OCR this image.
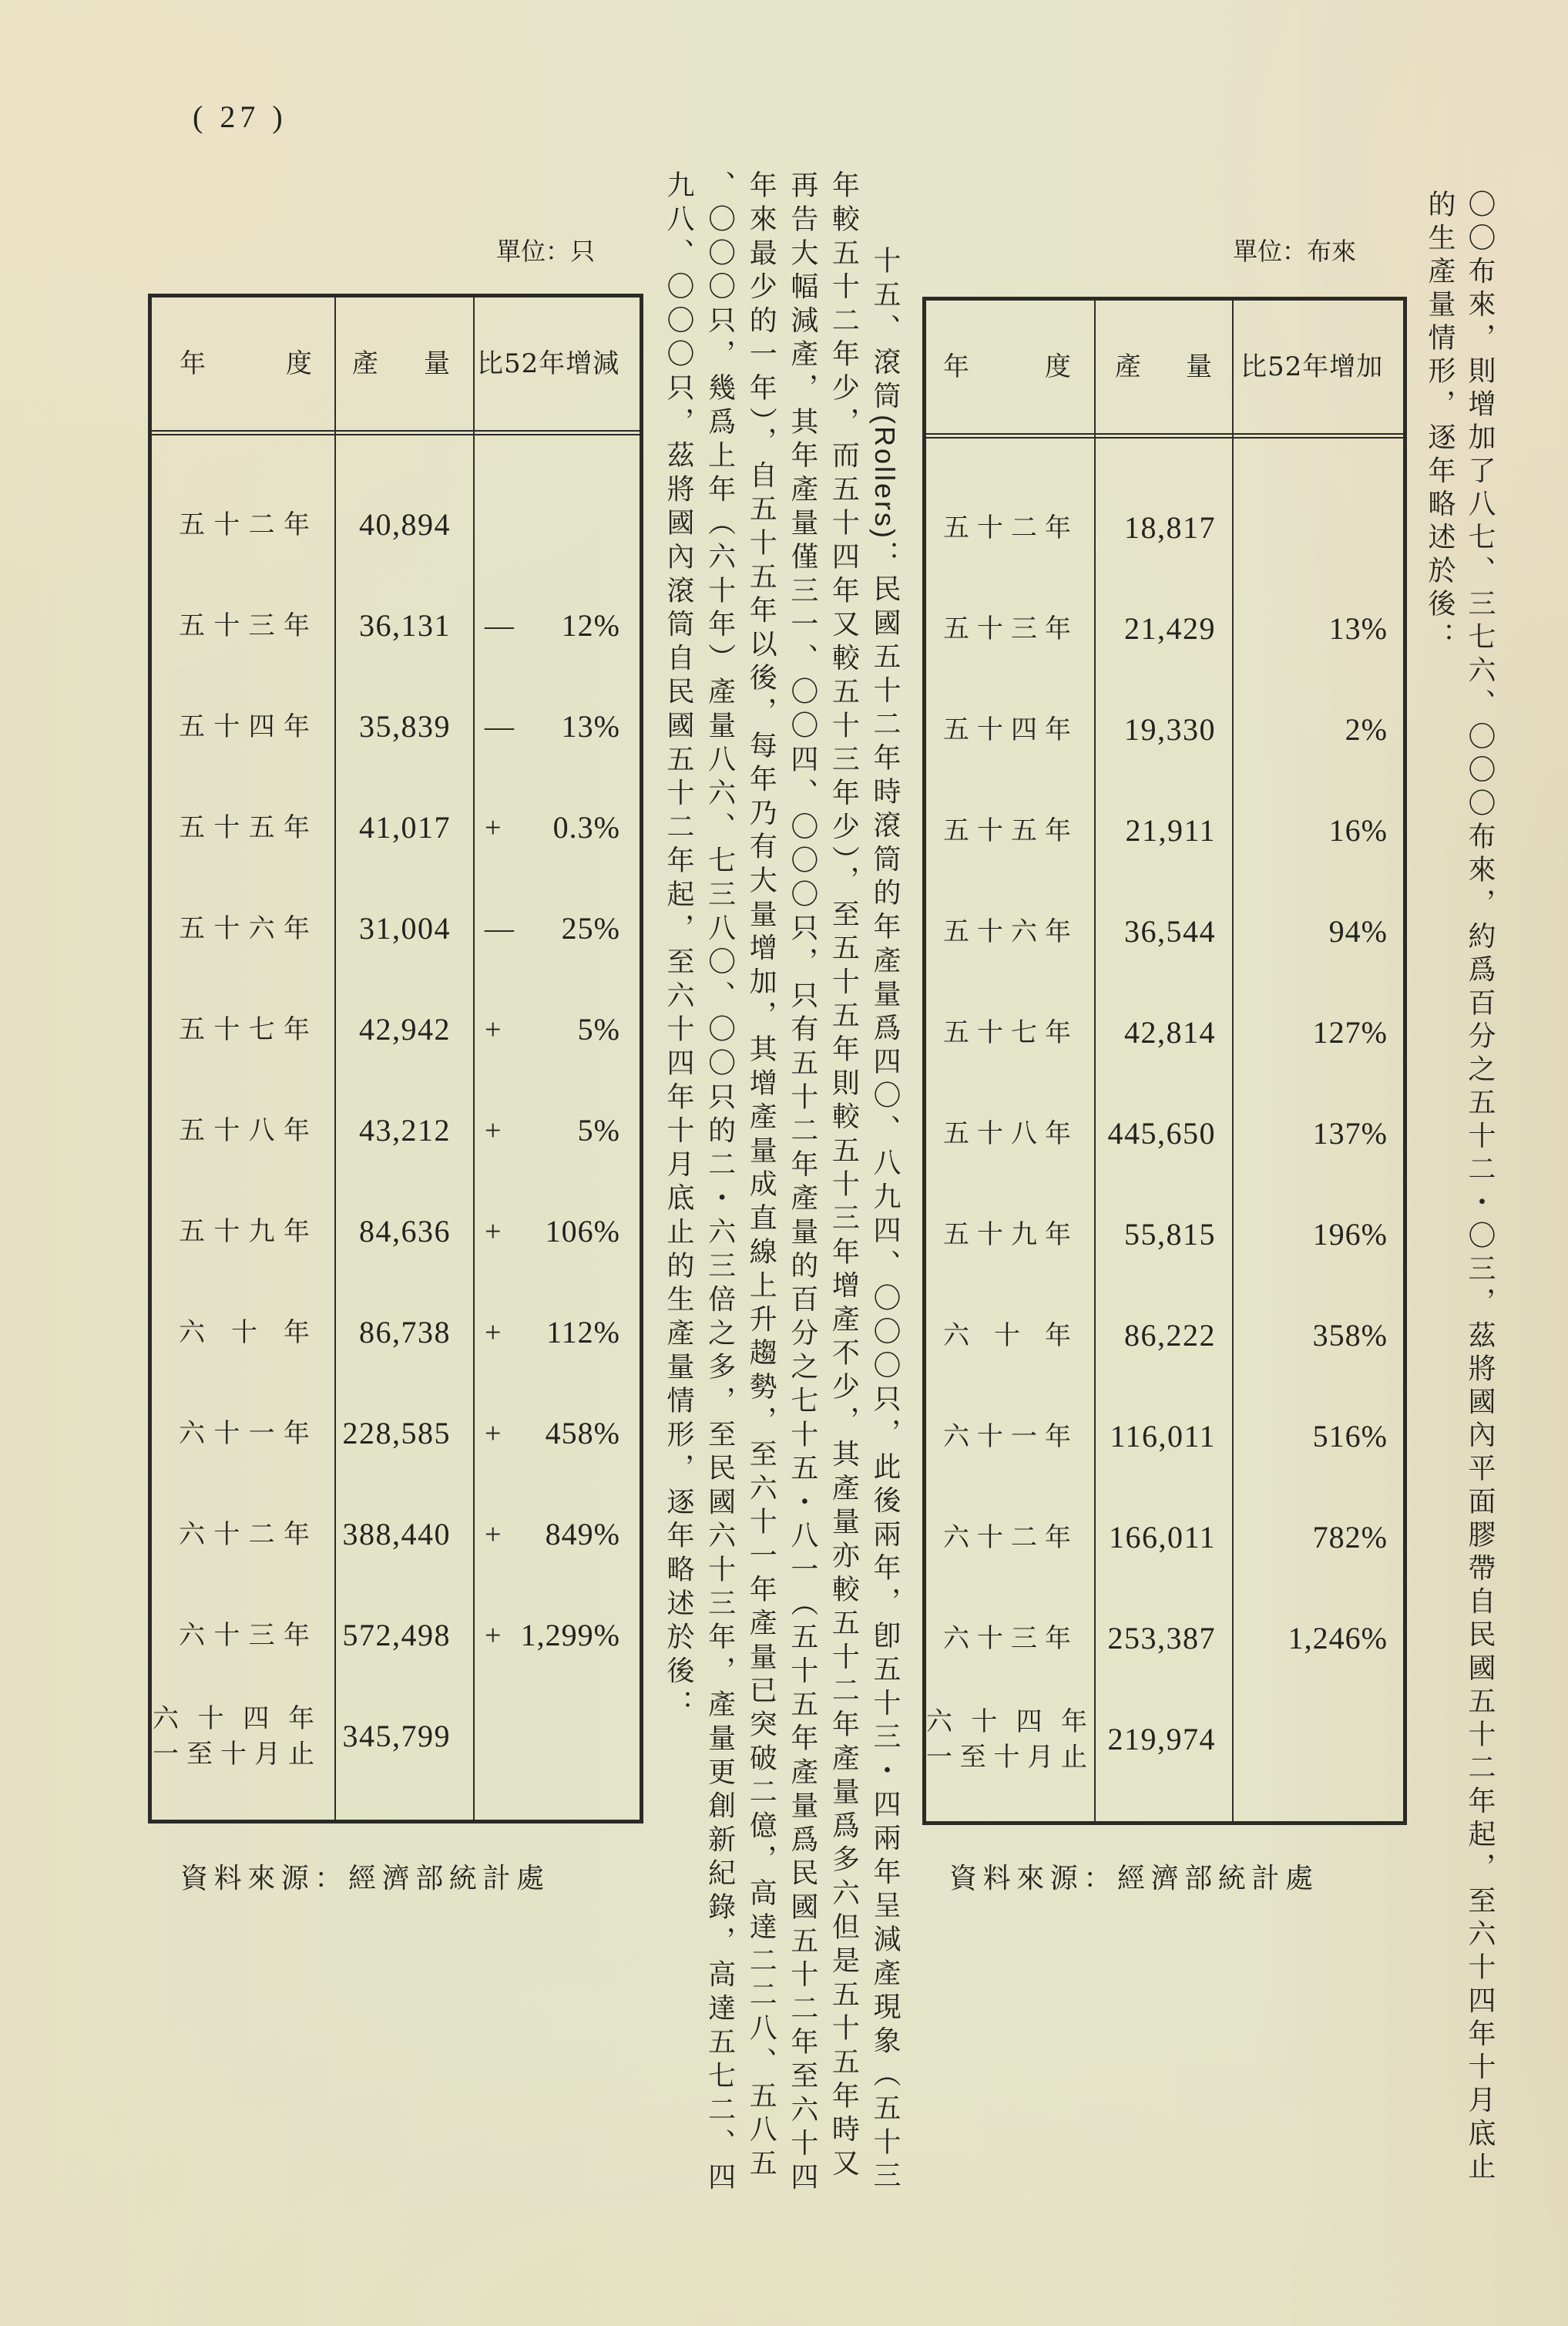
( 27 )
單位：只
年度 產量 比52年增減
五十二年	40,894
五十三年	36,131 — 12%
五十四年	35,839 — 13%
五十五年	41,017 + 0.3%
五十六年	31,004 — 25%
五十七年	42,942 + 5%
五十八年	43,212 + 5%
五十九年	84,636 + 106%
六十年	86,738 + 112%
六十一年 228,585 + 458%
六十二年 388,440 + 849%
六十三年 572,498 + 1,299%
六十四年
一至十月止
345,799
資料來源：經濟部統計處
十五、滾筒(Rollers)：民國五十二年時滾筒的年產量爲四〇、八九四、〇〇〇只，此後兩年，卽五十三・四兩年呈減產現象（五十三
年較五十二年少，而五十四年又較五十三年少），至五十五年則較五十三年增產不少，其產量亦較五十二年產量爲多六但是五十五年時又
再告大幅減產，其年產量僅三一、〇〇四、〇〇〇只，只有五十二年產量的百分之七十五・八一（五十五年產量爲民國五十二年至六十四
年來最少的一年），自五十五年以後，每年乃有大量增加，其增產量成直線上升趨勢，至六十一年產量已突破二億，高達二二八、五八五
、〇〇〇只，幾爲上年（六十年）產量八六、七三八〇、〇〇只的二・六三倍之多，至民國六十三年，產量更創新紀錄，高達五七二、四
九八、〇〇〇只，茲將國內滾筒自民國五十二年起，至六十四年十月底止的生產量情形，逐年略述於後：	單位：布來
年度 產量 比52年增加
五十二年	18,817
五十三年	21,429	13%
五十四年	19,330	2%
五十五年	21,911	16%
五十六年	36,544	94%
五十七年	42,814	127%
五十八年	445,650	137%
五十九年	55,815	196%
六十年	86,222	358%
六十一年	116,011	516%
六十二年	166,011	782%
六十三年	253,387 1,246%
六十四年
一至十月止
219,974
資料來源：經濟部統計處	〇〇布來，則增加了八七、三七六、〇〇〇布來，約爲百分之五十二・〇三，茲將國內平面膠帶自民國五十二年起，至六十四年十月底止
的生產量情形，逐年略述於後：
